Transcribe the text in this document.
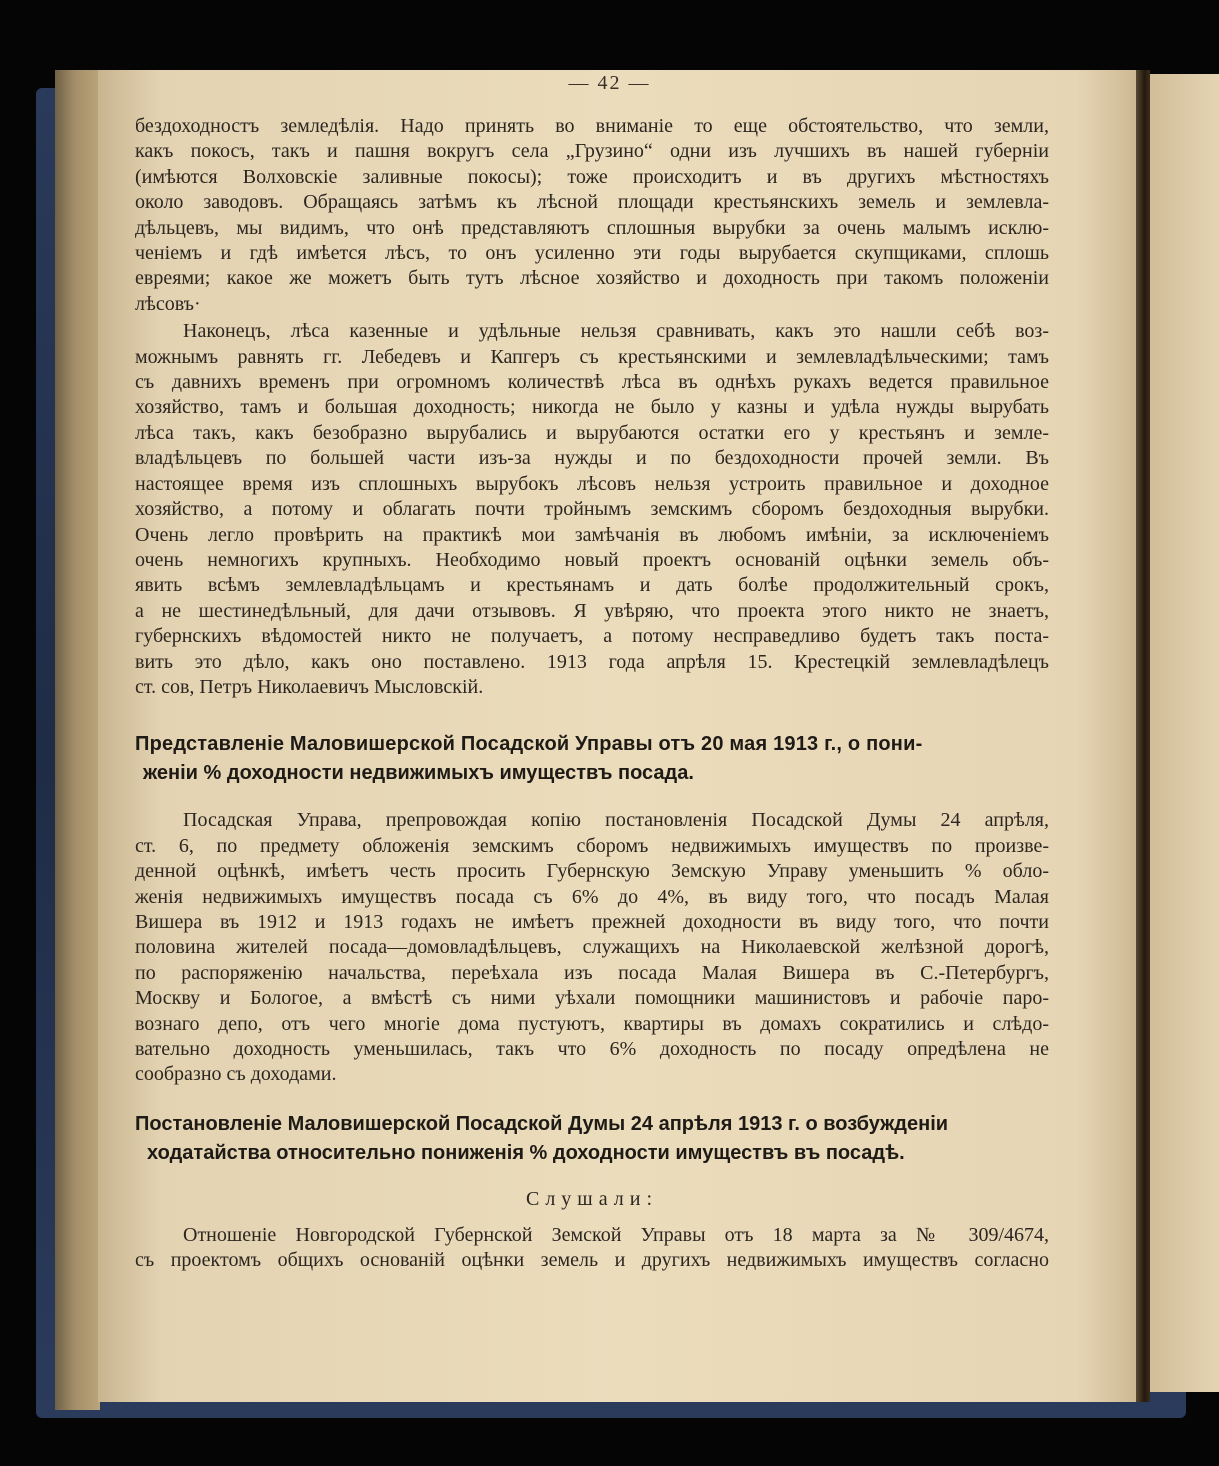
— 42 —
бездоходностъ земледѣлія. Надо принять во вниманіе то еще обстоятельство, что земли,
какъ покосъ, такъ и пашня вокругъ села „Грузино“ одни изъ лучшихъ въ нашей губерніи
(имѣются Волховскіе заливные покосы); тоже происходитъ и въ другихъ мѣстностяхъ
около заводовъ. Обращаясь затѣмъ къ лѣсной площади крестьянскихъ земель и землевла-
дѣльцевъ, мы видимъ, что онѣ представляютъ сплошныя вырубки за очень малымъ исклю-
ченіемъ и гдѣ имѣется лѣсъ, то онъ усиленно эти годы вырубается скупщиками, сплошь
евреями; какое же можетъ быть тутъ лѣсное хозяйство и доходность при такомъ положеніи
лѣсовъ·
Наконецъ, лѣса казенные и удѣльные нельзя сравнивать, какъ это нашли себѣ воз-
можнымъ равнять гг. Лебедевъ и Капгеръ съ крестьянскими и землевладѣльческими; тамъ
съ давнихъ временъ при огромномъ количествѣ лѣса въ однѣхъ рукахъ ведется правильное
хозяйство, тамъ и большая доходность; никогда не было у казны и удѣла нужды вырубать
лѣса такъ, какъ безобразно вырубались и вырубаются остатки его у крестьянъ и земле-
владѣльцевъ по большей части изъ-за нужды и по бездоходности прочей земли. Въ
настоящее время изъ сплошныхъ вырубокъ лѣсовъ нельзя устроить правильное и доходное
хозяйство, а потому и облагать почти тройнымъ земскимъ сборомъ бездоходныя вырубки.
Очень легло провѣрить на практикѣ мои замѣчанія въ любомъ имѣніи, за исключеніемъ
очень немногихъ крупныхъ. Необходимо новый проектъ основаній оцѣнки земель объ-
явить всѣмъ землевладѣльцамъ и крестьянамъ и дать болѣе продолжительный срокъ,
а не шестинедѣльный, для дачи отзывовъ. Я увѣряю, что проекта этого никто не знаетъ,
губернскихъ вѣдомостей никто не получаетъ, а потому несправедливо будетъ такъ поста-
вить это дѣло, какъ оно поставлено. 1913 года апрѣля 15. Крестецкій землевладѣлецъ
ст. сов, Петръ Николаевичъ Мысловскій.
Представленіе Маловишерской Посадской Управы отъ 20 мая 1913 г., о пони-
женіи % доходности недвижимыхъ имуществъ посада.
Посадская Управа, препровождая копію постановленія Посадской Думы 24 апрѣля,
ст. 6, по предмету обложенія земскимъ сборомъ недвижимыхъ имуществъ по произве-
денной оцѣнкѣ, имѣетъ честь просить Губернскую Земскую Управу уменьшить % обло-
женія недвижимыхъ имуществъ посада съ 6% до 4%, въ виду того, что посадъ Малая
Вишера въ 1912 и 1913 годахъ не имѣетъ прежней доходности въ виду того, что почти
половина жителей посада—домовладѣльцевъ, служащихъ на Николаевской желѣзной дорогѣ,
по распоряженію начальства, переѣхала изъ посада Малая Вишера въ С.-Петербургъ,
Москву и Бологое, а вмѣстѣ съ ними уѣхали помощники машинистовъ и рабочіе паро-
вознаго депо, отъ чего многіе дома пустуютъ, квартиры въ домахъ сократились и слѣдо-
вательно доходность уменьшилась, такъ что 6% доходность по посаду опредѣлена не
сообразно съ доходами.
Постановленіе Маловишерской Посадской Думы 24 апрѣля 1913 г. о возбужденіи
ходатайства относительно пониженія % доходности имуществъ въ посадѣ.

Слушали:

Отношеніе Новгородской Губернской Земской Управы отъ 18 марта за № 309/4674,
съ проектомъ общихъ основаній оцѣнки земель и другихъ недвижимыхъ имуществъ согласно
